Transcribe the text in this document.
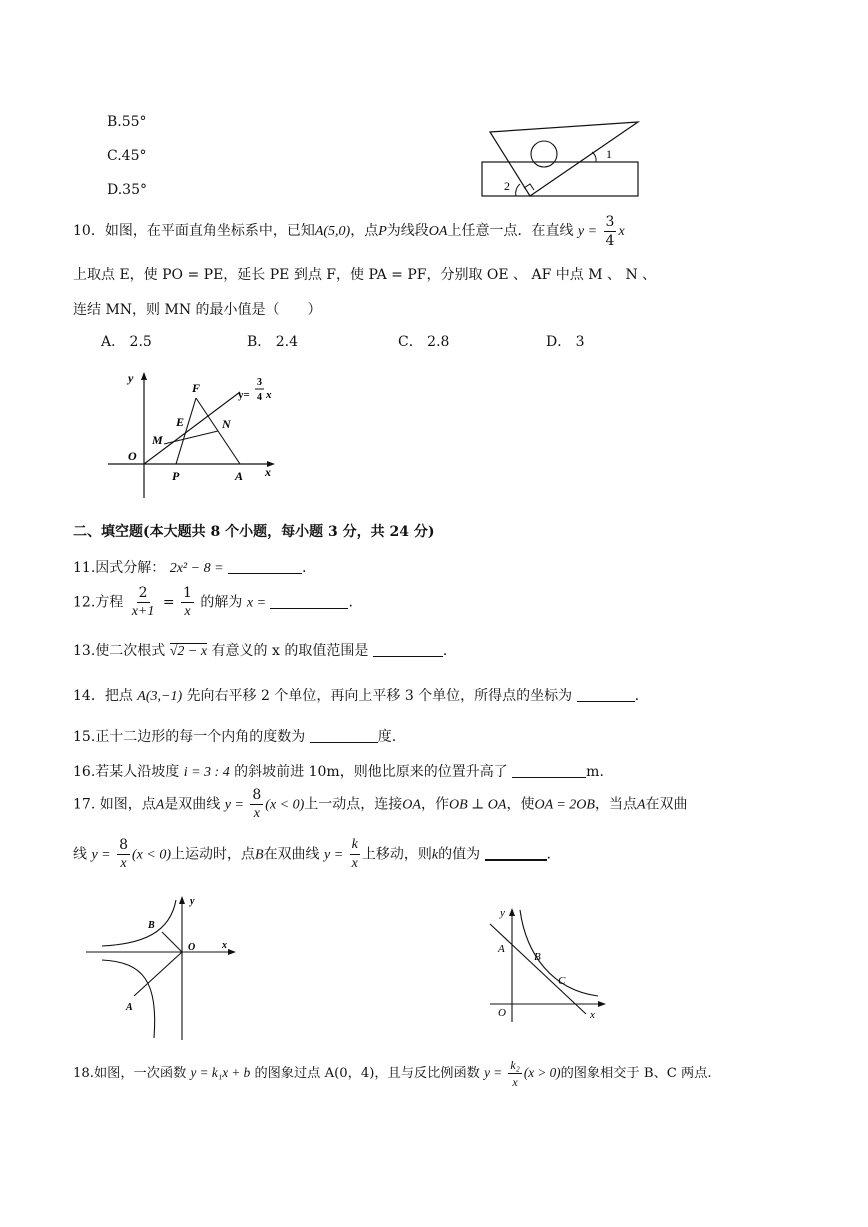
B.55°
C.45°
D.35°
1
2
10．如图，在平面直角坐标系中，已知A(5,0)，点P为线段OA上任意一点．在直线 $y = \frac{3}{4}$ x
上取点 E，使 PO = PE，延长 PE 到点 F，使 PA = PF，分别取 OE 、 AF 中点 M 、 N 、
连结 MN，则 MN 的最小值是（　　）
A． 2.5	B． 2.4	C． 2.8	D． 3
y
x
O
P	A
E
F
M
N
y=
3
4 x
二、填空题(本大题共 8 个小题，每小题 3 分，共 24 分)
11.因式分解： 2x² − 8 =	.
12.方程 $\frac{2}{x+1} = \frac{1}{x}$ 的解为 x =	.
13.使二次根式 √2 − x 有意义的 x 的取值范围是	.
14．把点 A(3,−1) 先向右平移 2 个单位，再向上平移 3 个单位，所得点的坐标为	.
15.正十二边形的每一个内角的度数为	度.
16.若某人沿坡度 i = 3 : 4 的斜坡前进 10m，则他比原来的位置升高了	m.
17. 如图，点A是双曲线 $y = \frac{8}{x} (x < 0)$上一动点，连接OA，作OB ⊥ OA，使OA = 2OB，当点A在双曲
线 $y = \frac{8}{x} (x < 0)$上运动时，点B在双曲线 $y = \frac{k}{x}$ 上移动，则k的值为	.
y
x
O
A
B
y
x
O
A
B
C
18.如图，一次函数 y = k₁x + b 的图象过点 A(0，4)，且与反比例函数 $y = \frac{\text{k₂}}{x} (x > 0)$的图象相交于 B、C 两点.
